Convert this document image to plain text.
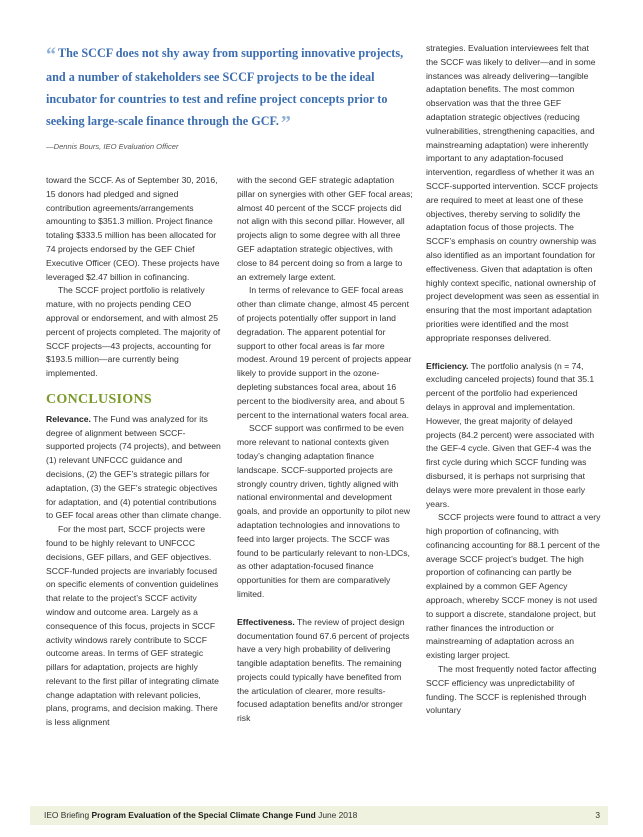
“ The SCCF does not shy away from supporting innovative projects, and a number of stakeholders see SCCF projects to be the ideal incubator for countries to test and refine project concepts prior to seeking large-scale finance through the GCF. ”
—Dennis Bours, IEO Evaluation Officer

toward the SCCF. As of September 30, 2016, 15 donors had pledged and signed contribution agreements/arrangements amounting to $351.3 million. Project finance totaling $333.5 million has been allocated for 74 projects endorsed by the GEF Chief Executive Officer (CEO). These projects have leveraged $2.47 billion in cofinancing.

The SCCF project portfolio is relatively mature, with no projects pending CEO approval or endorsement, and with almost 25 percent of projects completed. The majority of SCCF projects—43 projects, accounting for $193.5 million—are currently being implemented.

CONCLUSIONS

Relevance. The Fund was analyzed for its degree of alignment between SCCF-supported projects (74 projects), and between (1) relevant UNFCCC guidance and decisions, (2) the GEF’s strategic pillars for adaptation, (3) the GEF’s strategic objectives for adaptation, and (4) potential contributions to GEF focal areas other than climate change.

For the most part, SCCF projects were found to be highly relevant to UNFCCC decisions, GEF pillars, and GEF objectives. SCCF-funded projects are invariably focused on specific elements of convention guidelines that relate to the project’s SCCF activity window and outcome area. Largely as a consequence of this focus, projects in SCCF activity windows rarely contribute to SCCF outcome areas. In terms of GEF strategic pillars for adaptation, projects are highly relevant to the first pillar of integrating climate change adaptation with relevant policies, plans, programs, and decision making. There is less alignment

with the second GEF strategic adaptation pillar on synergies with other GEF focal areas; almost 40 percent of the SCCF projects did not align with this second pillar. However, all projects align to some degree with all three GEF adaptation strategic objectives, with close to 84 percent doing so from a large to an extremely large extent.

In terms of relevance to GEF focal areas other than climate change, almost 45 percent of projects potentially offer support in land degradation. The apparent potential for support to other focal areas is far more modest. Around 19 percent of projects appear likely to provide support in the ozone-depleting substances focal area, about 16 percent to the biodiversity area, and about 5 percent to the international waters focal area.

SCCF support was confirmed to be even more relevant to national contexts given today’s changing adaptation finance landscape. SCCF-supported projects are strongly country driven, tightly aligned with national environmental and development goals, and provide an opportunity to pilot new adaptation technologies and innovations to feed into larger projects. The SCCF was found to be particularly relevant to non-LDCs, as other adaptation-focused finance opportunities for them are comparatively limited.

Effectiveness. The review of project design documentation found 67.6 percent of projects have a very high probability of delivering tangible adaptation benefits. The remaining projects could typically have benefited from the articulation of clearer, more results-focused adaptation benefits and/or stronger risk

strategies. Evaluation interviewees felt that the SCCF was likely to deliver—and in some instances was already delivering—tangible adaptation benefits. The most common observation was that the three GEF adaptation strategic objectives (reducing vulnerabilities, strengthening capacities, and mainstreaming adaptation) were inherently important to any adaptation-focused intervention, regardless of whether it was an SCCF-supported intervention. SCCF projects are required to meet at least one of these objectives, thereby serving to solidify the adaptation focus of those projects. The SCCF’s emphasis on country ownership was also identified as an important foundation for effectiveness. Given that adaptation is often highly context specific, national ownership of project development was seen as essential in ensuring that the most important adaptation priorities were identified and the most appropriate responses delivered.

Efficiency. The portfolio analysis (n = 74, excluding canceled projects) found that 35.1 percent of the portfolio had experienced delays in approval and implementation. However, the great majority of delayed projects (84.2 percent) were associated with the GEF-4 cycle. Given that GEF-4 was the first cycle during which SCCF funding was disbursed, it is perhaps not surprising that delays were more prevalent in those early years.

SCCF projects were found to attract a very high proportion of cofinancing, with cofinancing accounting for 88.1 percent of the average SCCF project’s budget. The high proportion of cofinancing can partly be explained by a common GEF Agency approach, whereby SCCF money is not used to support a discrete, standalone project, but rather finances the introduction or mainstreaming of adaptation across an existing larger project.

The most frequently noted factor affecting SCCF efficiency was unpredictability of funding. The SCCF is replenished through voluntary

IEO Briefing Program Evaluation of the Special Climate Change Fund June 2018	3
